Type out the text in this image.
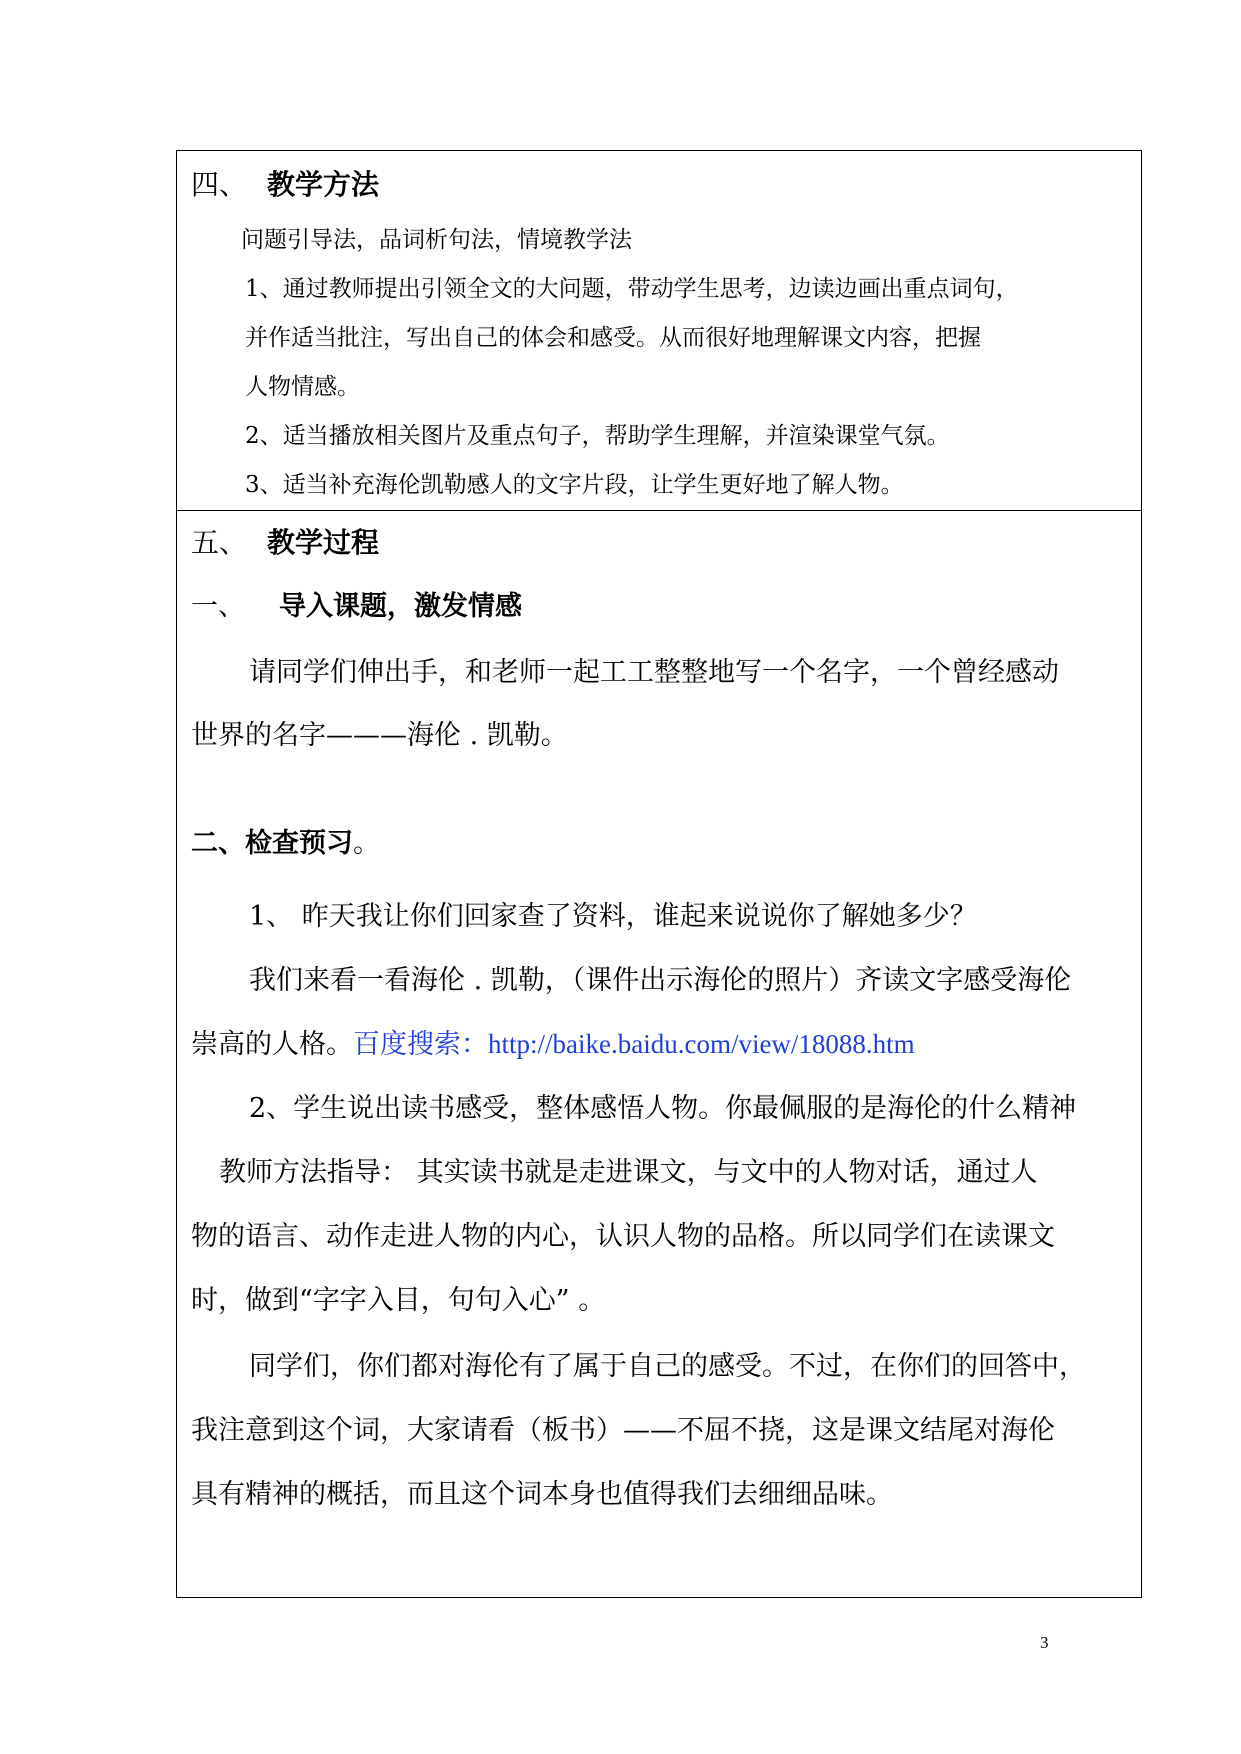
四、 教学方法
问题引导法，品词析句法，情境教学法
1、通过教师提出引领全文的大问题，带动学生思考，边读边画出重点词句，
并作适当批注，写出自己的体会和感受。从而很好地理解课文内容，把握
人物情感。
2、适当播放相关图片及重点句子，帮助学生理解，并渲染课堂气氛。
3、适当补充海伦凯勒感人的文字片段，让学生更好地了解人物。
五、 教学过程
一、 导入课题，激发情感
请同学们伸出手，和老师一起工工整整地写一个名字，一个曾经感动
世界的名字———海伦 . 凯勒。
二、检查预习。
1、 昨天我让你们回家查了资料，谁起来说说你了解她多少？
我们来看一看海伦 . 凯勒，（课件出示海伦的照片）齐读文字感受海伦
崇高的人格。百度搜索：http://baike.baidu.com/view/18088.htm
2、学生说出读书感受，整体感悟人物。你最佩服的是海伦的什么精神
教师方法指导： 其实读书就是走进课文，与文中的人物对话，通过人
物的语言、动作走进人物的内心，认识人物的品格。所以同学们在读课文
时，做到“字字入目，句句入心” 。
同学们，你们都对海伦有了属于自己的感受。不过，在你们的回答中，
我注意到这个词，大家请看（板书）——不屈不挠，这是课文结尾对海伦
具有精神的概括，而且这个词本身也值得我们去细细品味。
3
